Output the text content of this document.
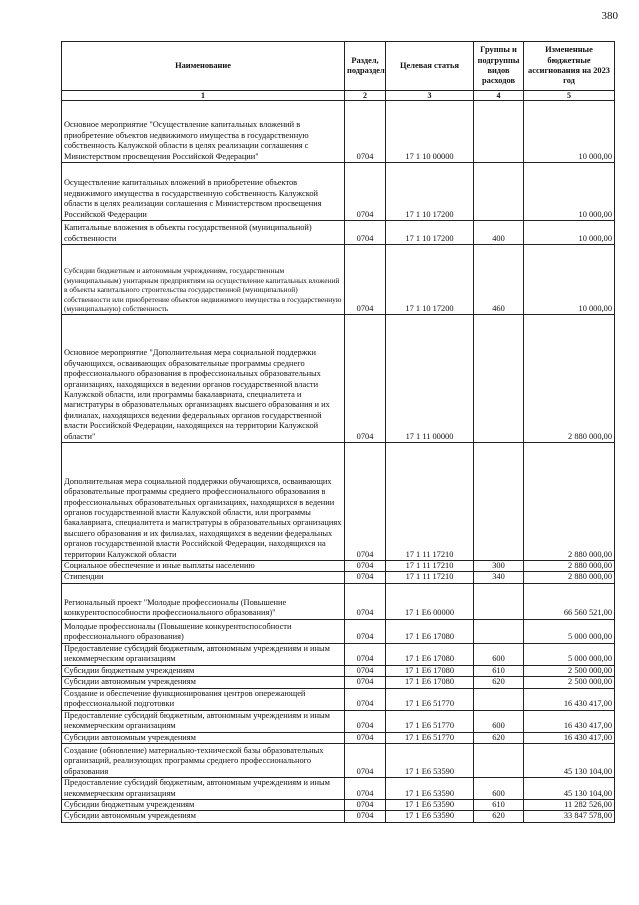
380
Наименование	Раздел, подраздел	Целевая статья	Группы и подгруппы видов расходов	Измененные бюджетные ассигнования на 2023 год
1	2	3	4	5
Основное мероприятие "Осуществление капитальных вложений в приобретение объектов недвижимого имущества в государственную собственность Калужской области в целях реализации соглашения с Министерством просвещения Российской Федерации"	0704	17 1 10 00000		10 000,00
Осуществление капитальных вложений в приобретение объектов недвижимого имущества в государственную собственность Калужской области в целях реализации соглашения с Министерством просвещения Российской Федерации	0704	17 1 10 17200		10 000,00
Капитальные вложения в объекты государственной (муниципальной) собственности	0704	17 1 10 17200	400	10 000,00
Субсидии бюджетным и автономным учреждениям, государственным (муниципальным) унитарным предприятиям на осуществление капитальных вложений в объекты капитального строительства государственной (муниципальной) собственности или приобретение объектов недвижимого имущества в государственную (муниципальную) собственность	0704	17 1 10 17200	460	10 000,00
Основное мероприятие "Дополнительная мера социальной поддержки обучающихся, осваивающих образовательные программы среднего профессионального образования в профессиональных образовательных организациях, находящихся в ведении органов государственной власти Калужской области, или программы бакалавриата, специалитета и магистратуры в образовательных организациях высшего образования и их филиалах, находящихся ведении федеральных органов государственной власти Российской Федерации, находящихся на территории Калужской области"	0704	17 1 11 00000		2 880 000,00
Дополнительная мера социальной поддержки обучающихся, осваивающих образовательные программы среднего профессионального образования в профессиональных образовательных организациях, находящихся в ведении органов государственной власти Калужской области, или программы бакалавриата, специалитета и магистратуры в образовательных организациях высшего образования и их филиалах, находящихся в ведении федеральных органов государственной власти Российской Федерации, находящихся на территории Калужской области	0704	17 1 11 17210		2 880 000,00
Социальное обеспечение и иные выплаты населению	0704	17 1 11 17210	300	2 880 000,00
Стипендии	0704	17 1 11 17210	340	2 880 000,00
Региональный проект "Молодые профессионалы (Повышение конкурентоспособности профессионального образования)"	0704	17 1 E6 00000		66 560 521,00
Молодые профессионалы (Повышение конкурентоспособности профессионального образования)	0704	17 1 E6 17080		5 000 000,00
Предоставление субсидий бюджетным, автономным учреждениям и иным некоммерческим организациям	0704	17 1 E6 17080	600	5 000 000,00
Субсидии бюджетным учреждениям	0704	17 1 E6 17080	610	2 500 000,00
Субсидии автономным учреждениям	0704	17 1 E6 17080	620	2 500 000,00
Создание и обеспечение функционирования центров опережающей профессиональной подготовки	0704	17 1 E6 51770		16 430 417,00
Предоставление субсидий бюджетным, автономным учреждениям и иным некоммерческим организациям	0704	17 1 E6 51770	600	16 430 417,00
Субсидии автономным учреждениям	0704	17 1 E6 51770	620	16 430 417,00
Создание (обновление) материально-технической базы образовательных организаций, реализующих программы среднего профессионального образования	0704	17 1 E6 53590		45 130 104,00
Предоставление субсидий бюджетным, автономным учреждениям и иным некоммерческим организациям	0704	17 1 E6 53590	600	45 130 104,00
Субсидии бюджетным учреждениям	0704	17 1 E6 53590	610	11 282 526,00
Субсидии автономным учреждениям	0704	17 1 E6 53590	620	33 847 578,00
